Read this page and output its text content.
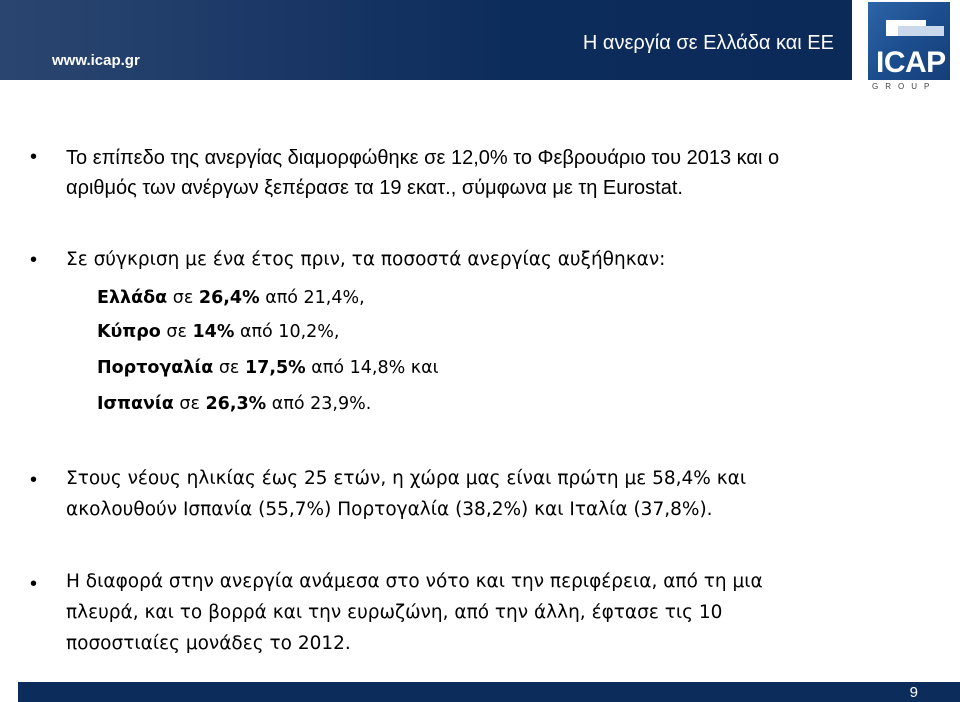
www.icap.gr
Η ανεργία σε Ελλάδα και ΕΕ
ICAP
GROUP
• Το επίπεδο της ανεργίας διαμορφώθηκε σε 12,0% το Φεβρουάριο του 2013 και ο
αριθμός των ανέργων ξεπέρασε τα 19 εκατ., σύμφωνα με τη Eurostat.
• Σε σύγκριση με ένα έτος πριν, τα ποσοστά ανεργίας αυξήθηκαν:
Ελλάδα σε 26,4% από 21,4%,
Κύπρο σε 14% από 10,2%,
Πορτογαλία σε 17,5% από 14,8% και
Ισπανία σε 26,3% από 23,9%.
• Στους νέους ηλικίας έως 25 ετών, η χώρα μας είναι πρώτη με 58,4% και
ακολουθούν Ισπανία (55,7%) Πορτογαλία (38,2%) και Ιταλία (37,8%).
• Η διαφορά στην ανεργία ανάμεσα στο νότο και την περιφέρεια, από τη μια
πλευρά, και το βορρά και την ευρωζώνη, από την άλλη, έφτασε τις 10
ποσοστιαίες μονάδες το 2012.
9
